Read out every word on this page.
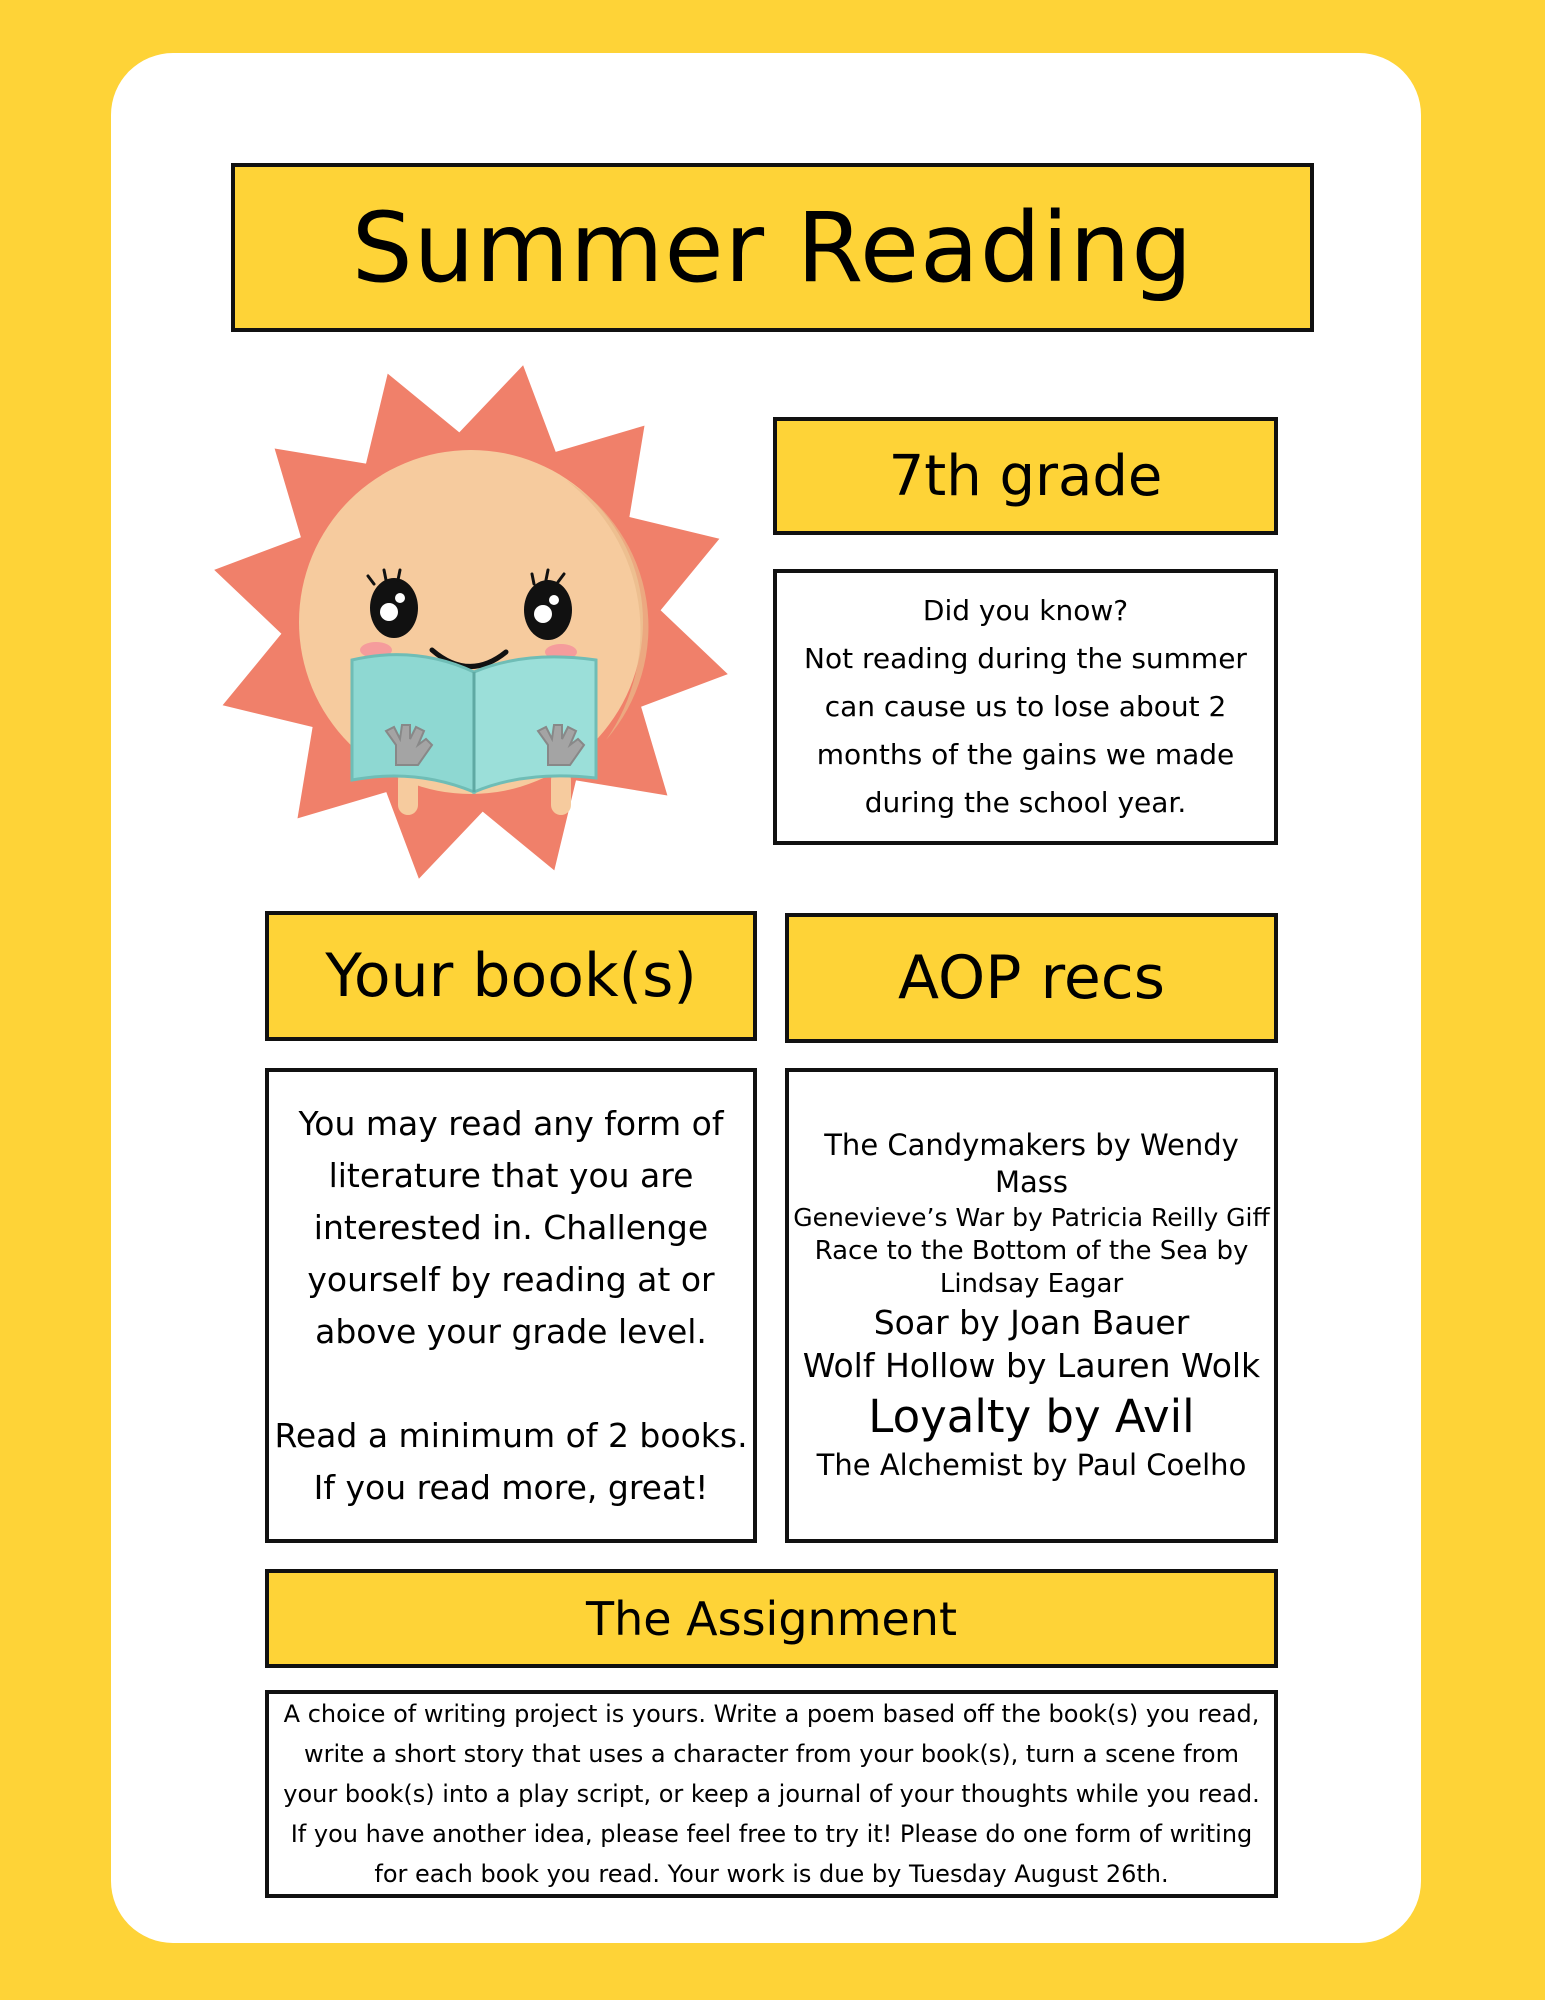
Summer Reading
7th grade
Did you know?
Not reading during the summer
can cause us to lose about 2
months of the gains we made
during the school year.
Your book(s)	AOP recs
You may read any form of
literature that you are
interested in. Challenge
yourself by reading at or
above your grade level.
Read a minimum of 2 books.
If you read more, great!
The Candymakers by Wendy Mass
Genevieve’s War by Patricia Reilly Giff
Race to the Bottom of the Sea by
Lindsay Eagar
Soar by Joan Bauer
Wolf Hollow by Lauren Wolk
Loyalty by Avil
The Alchemist by Paul Coelho
The Assignment
A choice of writing project is yours. Write a poem based off the book(s) you read,
write a short story that uses a character from your book(s), turn a scene from
your book(s) into a play script, or keep a journal of your thoughts while you read.
If you have another idea, please feel free to try it! Please do one form of writing
for each book you read. Your work is due by Tuesday August 26th.
